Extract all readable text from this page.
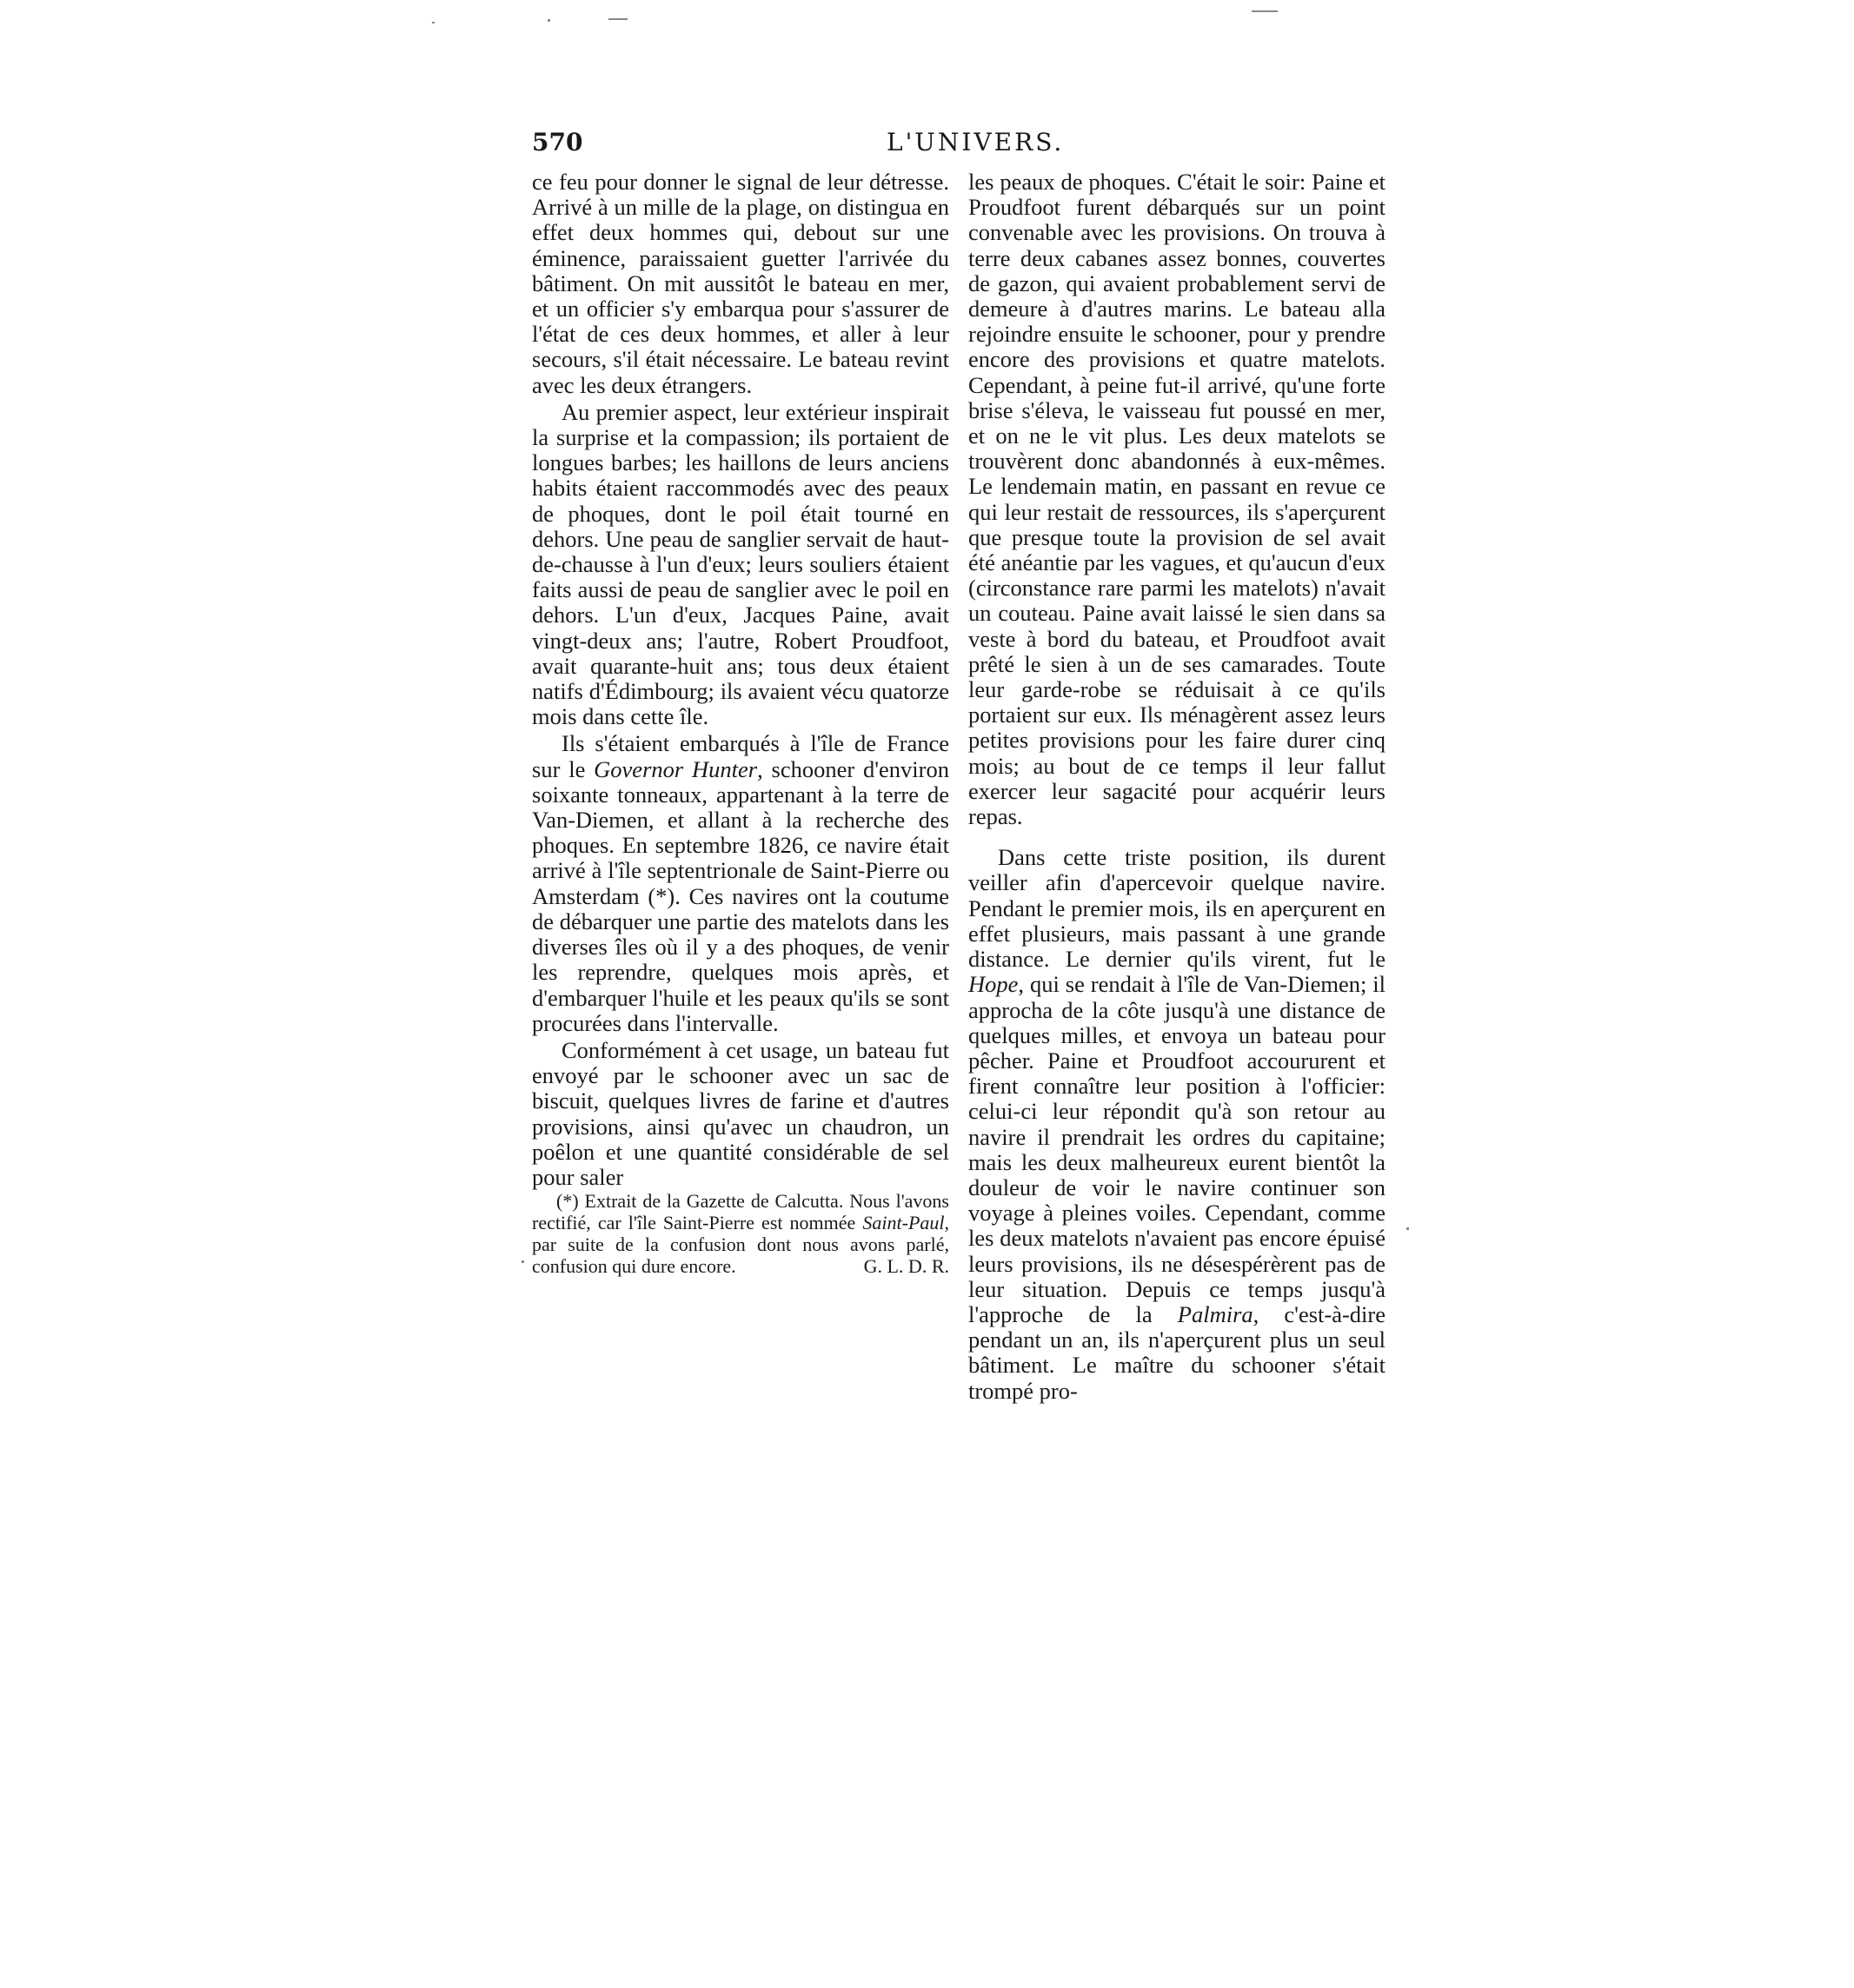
570	L'UNIVERS.

ce feu pour donner le signal de leur détresse. Arrivé à un mille de la plage, on distingua en effet deux hommes qui, debout sur une éminence, paraissaient guetter l'arrivée du bâtiment. On mit aussitôt le bateau en mer, et un officier s'y embarqua pour s'assurer de l'état de ces deux hommes, et aller à leur secours, s'il était nécessaire. Le bateau revint avec les deux étrangers.

Au premier aspect, leur extérieur inspirait la surprise et la compassion; ils portaient de longues barbes; les haillons de leurs anciens habits étaient raccommodés avec des peaux de phoques, dont le poil était tourné en dehors. Une peau de sanglier servait de haut-de-chausse à l'un d'eux; leurs souliers étaient faits aussi de peau de sanglier avec le poil en dehors. L'un d'eux, Jacques Paine, avait vingt-deux ans; l'autre, Robert Proudfoot, avait quarante-huit ans; tous deux étaient natifs d'Édimbourg; ils avaient vécu quatorze mois dans cette île.

Ils s'étaient embarqués à l'île de France sur le Governor Hunter, schooner d'environ soixante tonneaux, appartenant à la terre de Van-Diemen, et allant à la recherche des phoques. En septembre 1826, ce navire était arrivé à l'île septentrionale de Saint-Pierre ou Amsterdam (*). Ces navires ont la coutume de débarquer une partie des matelots dans les diverses îles où il y a des phoques, de venir les reprendre, quelques mois après, et d'embarquer l'huile et les peaux qu'ils se sont procurées dans l'intervalle.

Conformément à cet usage, un bateau fut envoyé par le schooner avec un sac de biscuit, quelques livres de farine et d'autres provisions, ainsi qu'avec un chaudron, un poêlon et une quantité considérable de sel pour saler

(*) Extrait de la Gazette de Calcutta. Nous l'avons rectifié, car l'île Saint-Pierre est nommée Saint-Paul, par suite de la confusion dont nous avons parlé, confusion qui dure encore.	G. L. D. R.

les peaux de phoques. C'était le soir: Paine et Proudfoot furent débarqués sur un point convenable avec les provisions. On trouva à terre deux cabanes assez bonnes, couvertes de gazon, qui avaient probablement servi de demeure à d'autres marins. Le bateau alla rejoindre ensuite le schooner, pour y prendre encore des provisions et quatre matelots. Cependant, à peine fut-il arrivé, qu'une forte brise s'éleva, le vaisseau fut poussé en mer, et on ne le vit plus. Les deux matelots se trouvèrent donc abandonnés à eux-mêmes. Le lendemain matin, en passant en revue ce qui leur restait de ressources, ils s'aperçurent que presque toute la provision de sel avait été anéantie par les vagues, et qu'aucun d'eux (circonstance rare parmi les matelots) n'avait un couteau. Paine avait laissé le sien dans sa veste à bord du bateau, et Proudfoot avait prêté le sien à un de ses camarades. Toute leur garde-robe se réduisait à ce qu'ils portaient sur eux. Ils ménagèrent assez leurs petites provisions pour les faire durer cinq mois; au bout de ce temps il leur fallut exercer leur sagacité pour acquérir leurs repas.

Dans cette triste position, ils durent veiller afin d'apercevoir quelque navire. Pendant le premier mois, ils en aperçurent en effet plusieurs, mais passant à une grande distance. Le dernier qu'ils virent, fut le Hope, qui se rendait à l'île de Van-Diemen; il approcha de la côte jusqu'à une distance de quelques milles, et envoya un bateau pour pêcher. Paine et Proudfoot accoururent et firent connaître leur position à l'officier: celui-ci leur répondit qu'à son retour au navire il prendrait les ordres du capitaine; mais les deux malheureux eurent bientôt la douleur de voir le navire continuer son voyage à pleines voiles. Cependant, comme les deux matelots n'avaient pas encore épuisé leurs provisions, ils ne désespérèrent pas de leur situation. Depuis ce temps jusqu'à l'approche de la Palmira, c'est-à-dire pendant un an, ils n'aperçurent plus un seul bâtiment. Le maître du schooner s'était trompé pro-
